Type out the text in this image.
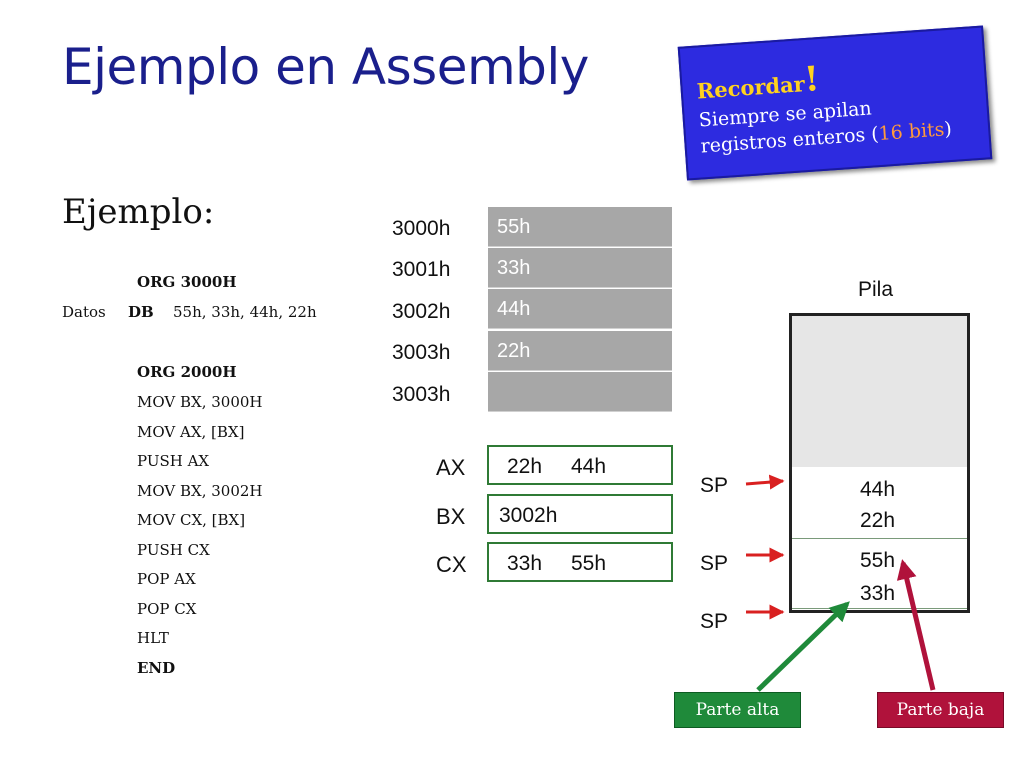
Ejemplo en Assembly	Recordar!
Siempre se apilan
registros enteros (16 bits)
Ejemplo:
ORG 3000H
Datos DB 55h, 33h, 44h, 22h
ORG 2000H
MOV BX, 3000H
MOV AX, [BX]
PUSH AX
MOV BX, 3002H
MOV CX, [BX]
PUSH CX
POP AX
POP CX
HLT
END
3000h
3001h
3002h
3003h
3003h
55h
33h
44h
22h
AX 22h 44h
BX 3002h
CX 33h 55h
Pila
44h
22h
55h
33h
SP
SP
SP
Parte alta	Parte baja
